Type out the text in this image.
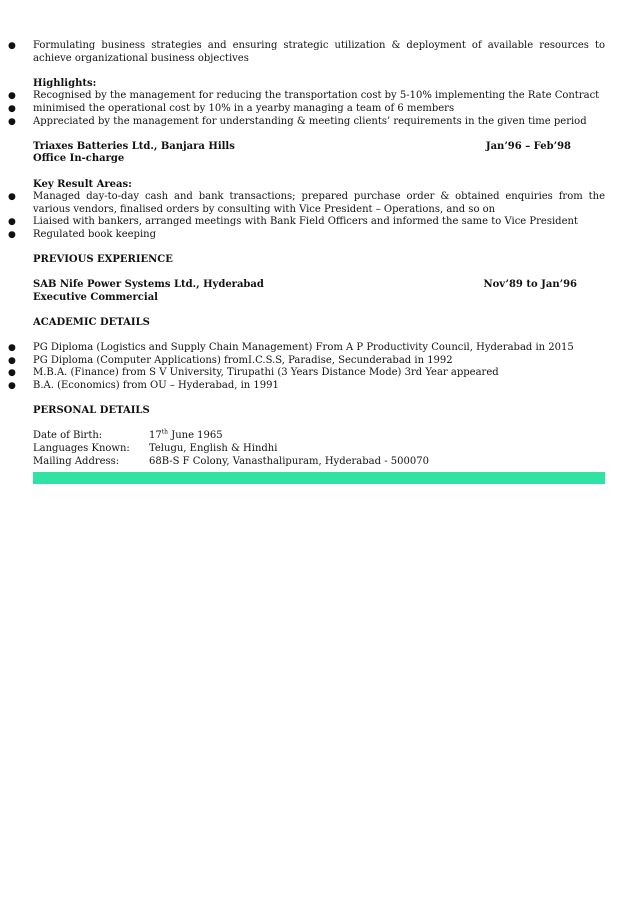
● Formulating business strategies and ensuring strategic utilization & deployment of available resources to achieve organizational business objectives
Highlights:
● Recognised by the management for reducing the transportation cost by 5-10% implementing the Rate Contract
● minimised the operational cost by 10% in a yearby managing a team of 6 members
● Appreciated by the management for understanding & meeting clients’ requirements in the given time period
Triaxes Batteries Ltd., Banjara Hills	Jan’96 – Feb’98
Office In-charge
Key Result Areas:
● Managed day-to-day cash and bank transactions; prepared purchase order & obtained enquiries from the various vendors, finalised orders by consulting with Vice President – Operations, and so on
● Liaised with bankers, arranged meetings with Bank Field Officers and informed the same to Vice President
● Regulated book keeping
PREVIOUS EXPERIENCE
SAB Nife Power Systems Ltd., Hyderabad	Nov’89 to Jan’96
Executive Commercial
ACADEMIC DETAILS
● PG Diploma (Logistics and Supply Chain Management) From A P Productivity Council, Hyderabad in 2015
● PG Diploma (Computer Applications) fromI.C.S.S, Paradise, Secunderabad in 1992
● M.B.A. (Finance) from S V University, Tirupathi (3 Years Distance Mode) 3rd Year appeared
● B.A. (Economics) from OU – Hyderabad, in 1991
PERSONAL DETAILS
Date of Birth:	17th June 1965
Languages Known:	Telugu, English & Hindhi
Mailing Address:	68B-S F Colony, Vanasthalipuram, Hyderabad - 500070
